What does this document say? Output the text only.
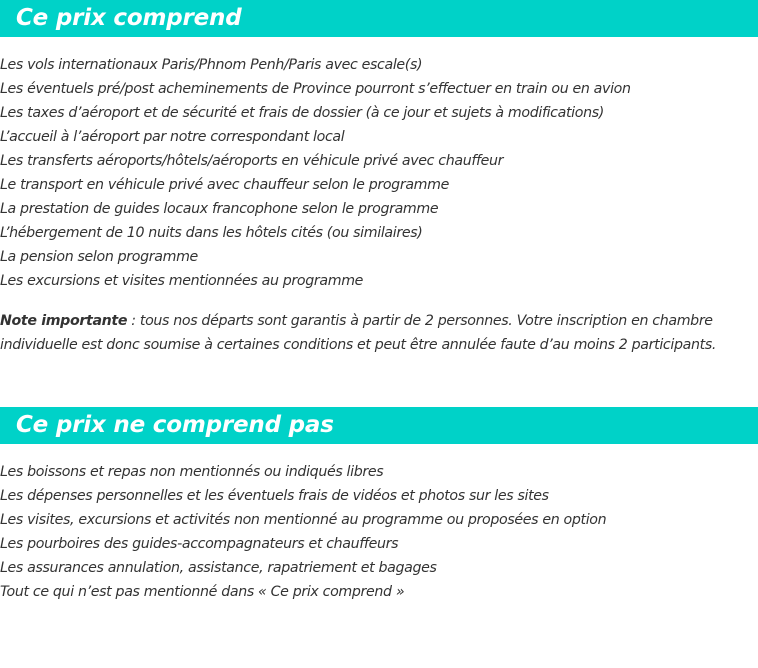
Ce prix comprend
Les vols internationaux Paris/Phnom Penh/Paris avec escale(s)
Les éventuels pré/post acheminements de Province pourront s’effectuer en train ou en avion
Les taxes d’aéroport et de sécurité et frais de dossier (à ce jour et sujets à modifications)
L’accueil à l’aéroport par notre correspondant local
Les transferts aéroports/hôtels/aéroports en véhicule privé avec chauffeur
Le transport en véhicule privé avec chauffeur selon le programme
La prestation de guides locaux francophone selon le programme
L’hébergement de 10 nuits dans les hôtels cités (ou similaires)
La pension selon programme
Les excursions et visites mentionnées au programme

Note importante : tous nos départs sont garantis à partir de 2 personnes. Votre inscription en chambre individuelle est donc soumise à certaines conditions et peut être annulée faute d’au moins 2 participants.

Ce prix ne comprend pas
Les boissons et repas non mentionnés ou indiqués libres
Les dépenses personnelles et les éventuels frais de vidéos et photos sur les sites
Les visites, excursions et activités non mentionné au programme ou proposées en option
Les pourboires des guides-accompagnateurs et chauffeurs
Les assurances annulation, assistance, rapatriement et bagages
Tout ce qui n’est pas mentionné dans « Ce prix comprend »
